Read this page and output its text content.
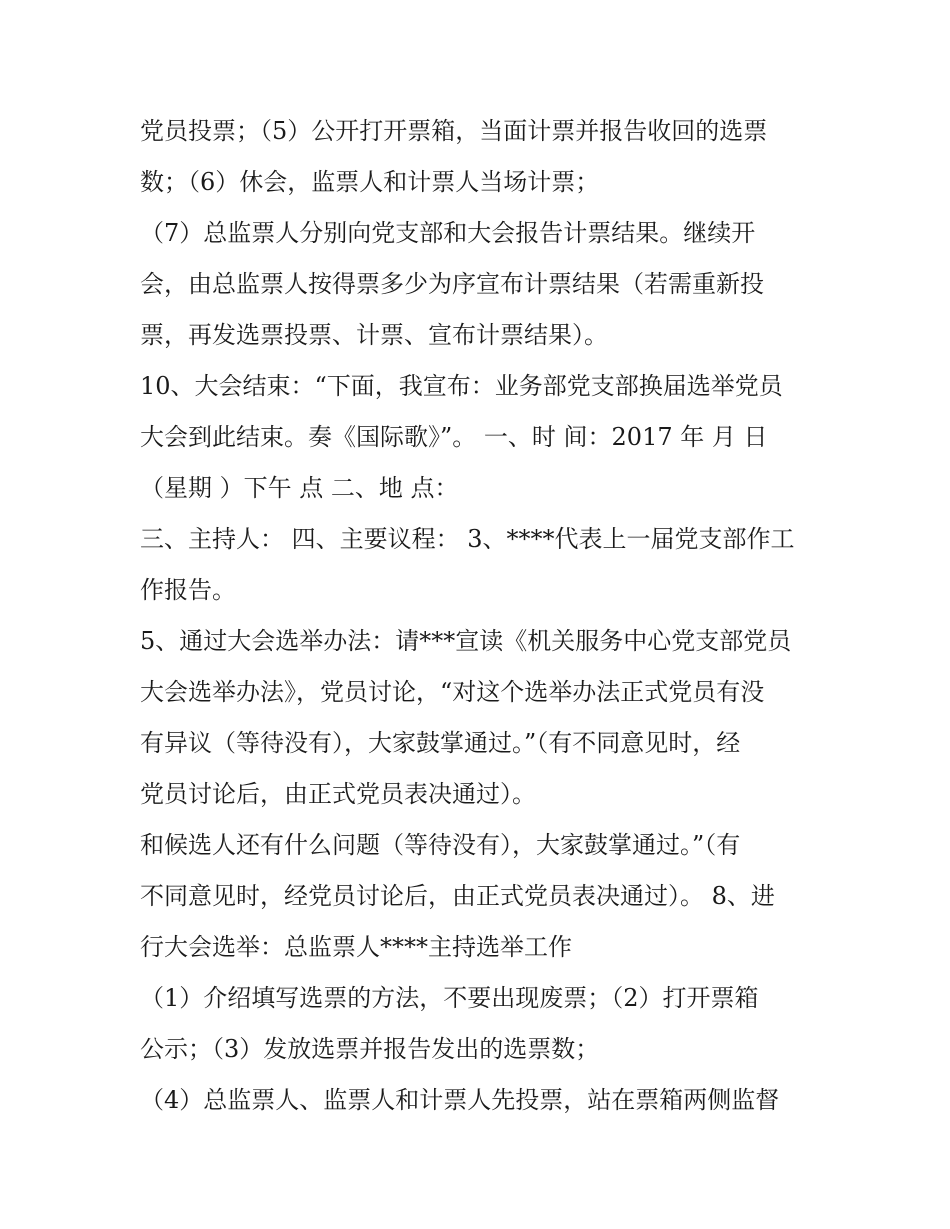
党员投票；（5）公开打开票箱，当面计票并报告收回的选票
数；（6）休会，监票人和计票人当场计票；
（7）总监票人分别向党支部和大会报告计票结果。继续开
会，由总监票人按得票多少为序宣布计票结果（若需重新投
票，再发选票投票、计票、宣布计票结果）。
10、大会结束：“下面，我宣布：业务部党支部换届选举党员
大会到此结束。奏《国际歌》”。 一、时 间：2017 年 月 日
（星期 ）下午 点 二、地 点：
三、主持人： 四、主要议程： 3、****代表上一届党支部作工
作报告。
5、通过大会选举办法：请***宣读《机关服务中心党支部党员
大会选举办法》，党员讨论，“对这个选举办法正式党员有没
有异议（等待没有），大家鼓掌通过。”（有不同意见时，经
党员讨论后，由正式党员表决通过）。
和候选人还有什么问题（等待没有），大家鼓掌通过。”（有
不同意见时，经党员讨论后，由正式党员表决通过）。 8、进
行大会选举：总监票人****主持选举工作
（1）介绍填写选票的方法，不要出现废票；（2）打开票箱
公示；（3）发放选票并报告发出的选票数；
（4）总监票人、监票人和计票人先投票，站在票箱两侧监督
